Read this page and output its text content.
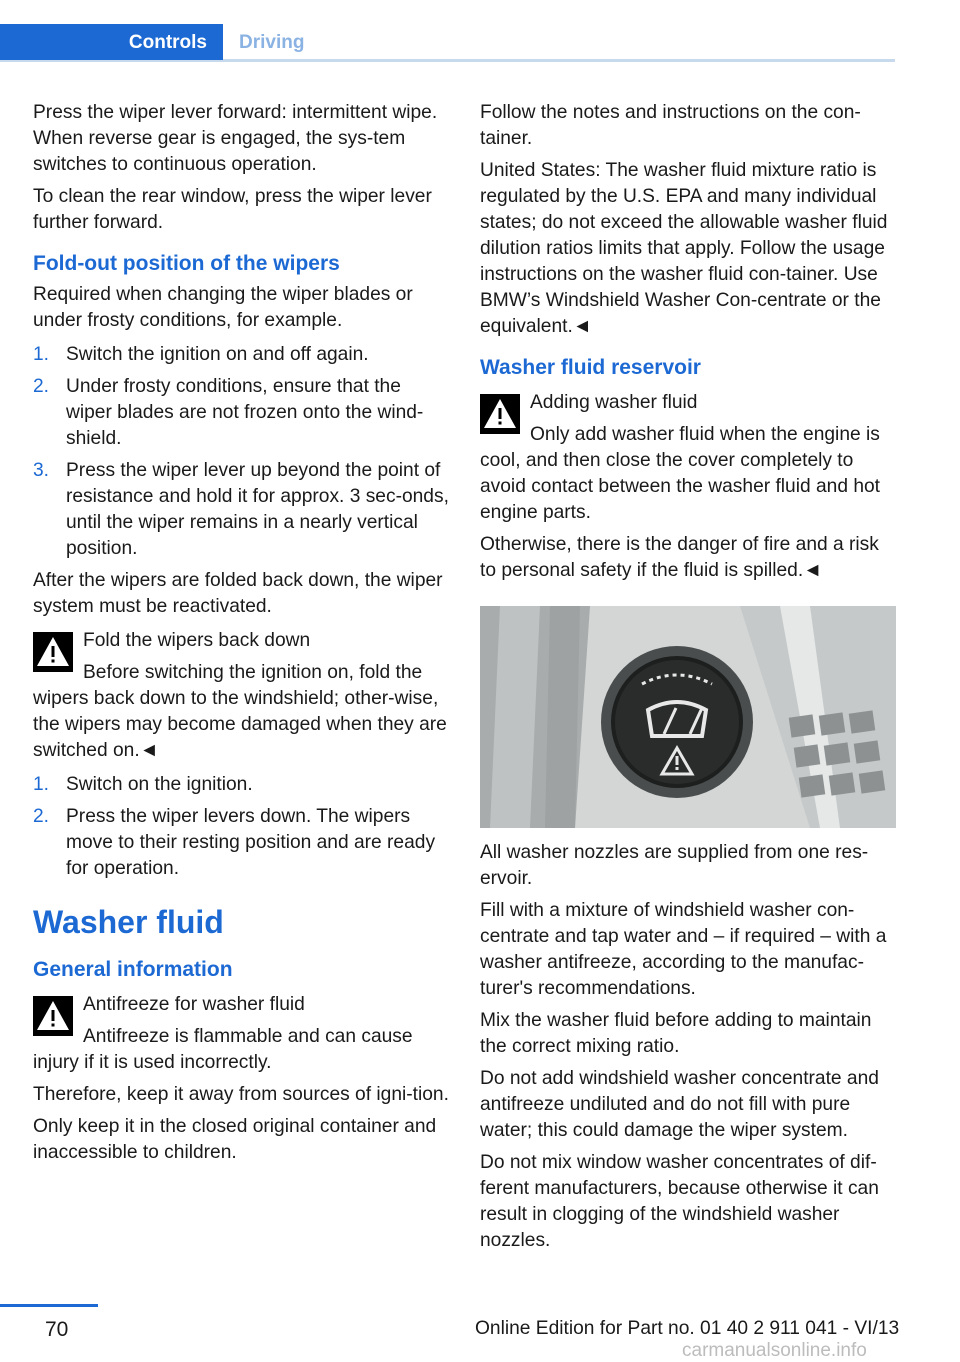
Controls	Driving

Press the wiper lever forward: intermittent wipe. When reverse gear is engaged, the sys‐tem switches to continuous operation.

To clean the rear window, press the wiper lever further forward.

Fold-out position of the wipers

Required when changing the wiper blades or under frosty conditions, for example.

1. Switch the ignition on and off again.
2. Under frosty conditions, ensure that the wiper blades are not frozen onto the wind‐shield.
3. Press the wiper lever up beyond the point of resistance and hold it for approx. 3 sec‐onds, until the wiper remains in a nearly vertical position.

After the wipers are folded back down, the wiper system must be reactivated.

Fold the wipers back down

Before switching the ignition on, fold the wipers back down to the windshield; other‐wise, the wipers may become damaged when they are switched on.◄

1. Switch on the ignition.
2. Press the wiper levers down. The wipers move to their resting position and are ready for operation.
Washer fluid
General information

Antifreeze for washer fluid

Antifreeze is flammable and can cause injury if it is used incorrectly.

Therefore, keep it away from sources of igni‐tion.

Only keep it in the closed original container and inaccessible to children.

Follow the notes and instructions on the con‐tainer.

United States: The washer fluid mixture ratio is regulated by the U.S. EPA and many individual states; do not exceed the allowable washer fluid dilution ratios limits that apply. Follow the usage instructions on the washer fluid con‐tainer. Use BMW’s Windshield Washer Con‐centrate or the equivalent.◄

Washer fluid reservoir

Adding washer fluid

Only add washer fluid when the engine is cool, and then close the cover completely to avoid contact between the washer fluid and hot engine parts.

Otherwise, there is the danger of fire and a risk to personal safety if the fluid is spilled.◄

All washer nozzles are supplied from one res‐ervoir.

Fill with a mixture of windshield washer con‐centrate and tap water and – if required – with a washer antifreeze, according to the manufac‐turer's recommendations.

Mix the washer fluid before adding to maintain the correct mixing ratio.

Do not add windshield washer concentrate and antifreeze undiluted and do not fill with pure water; this could damage the wiper system.

Do not mix window washer concentrates of dif‐ferent manufacturers, because otherwise it can result in clogging of the windshield washer nozzles.

70	Online Edition for Part no. 01 40 2 911 041 - VI/13
carmanualsonline.info
